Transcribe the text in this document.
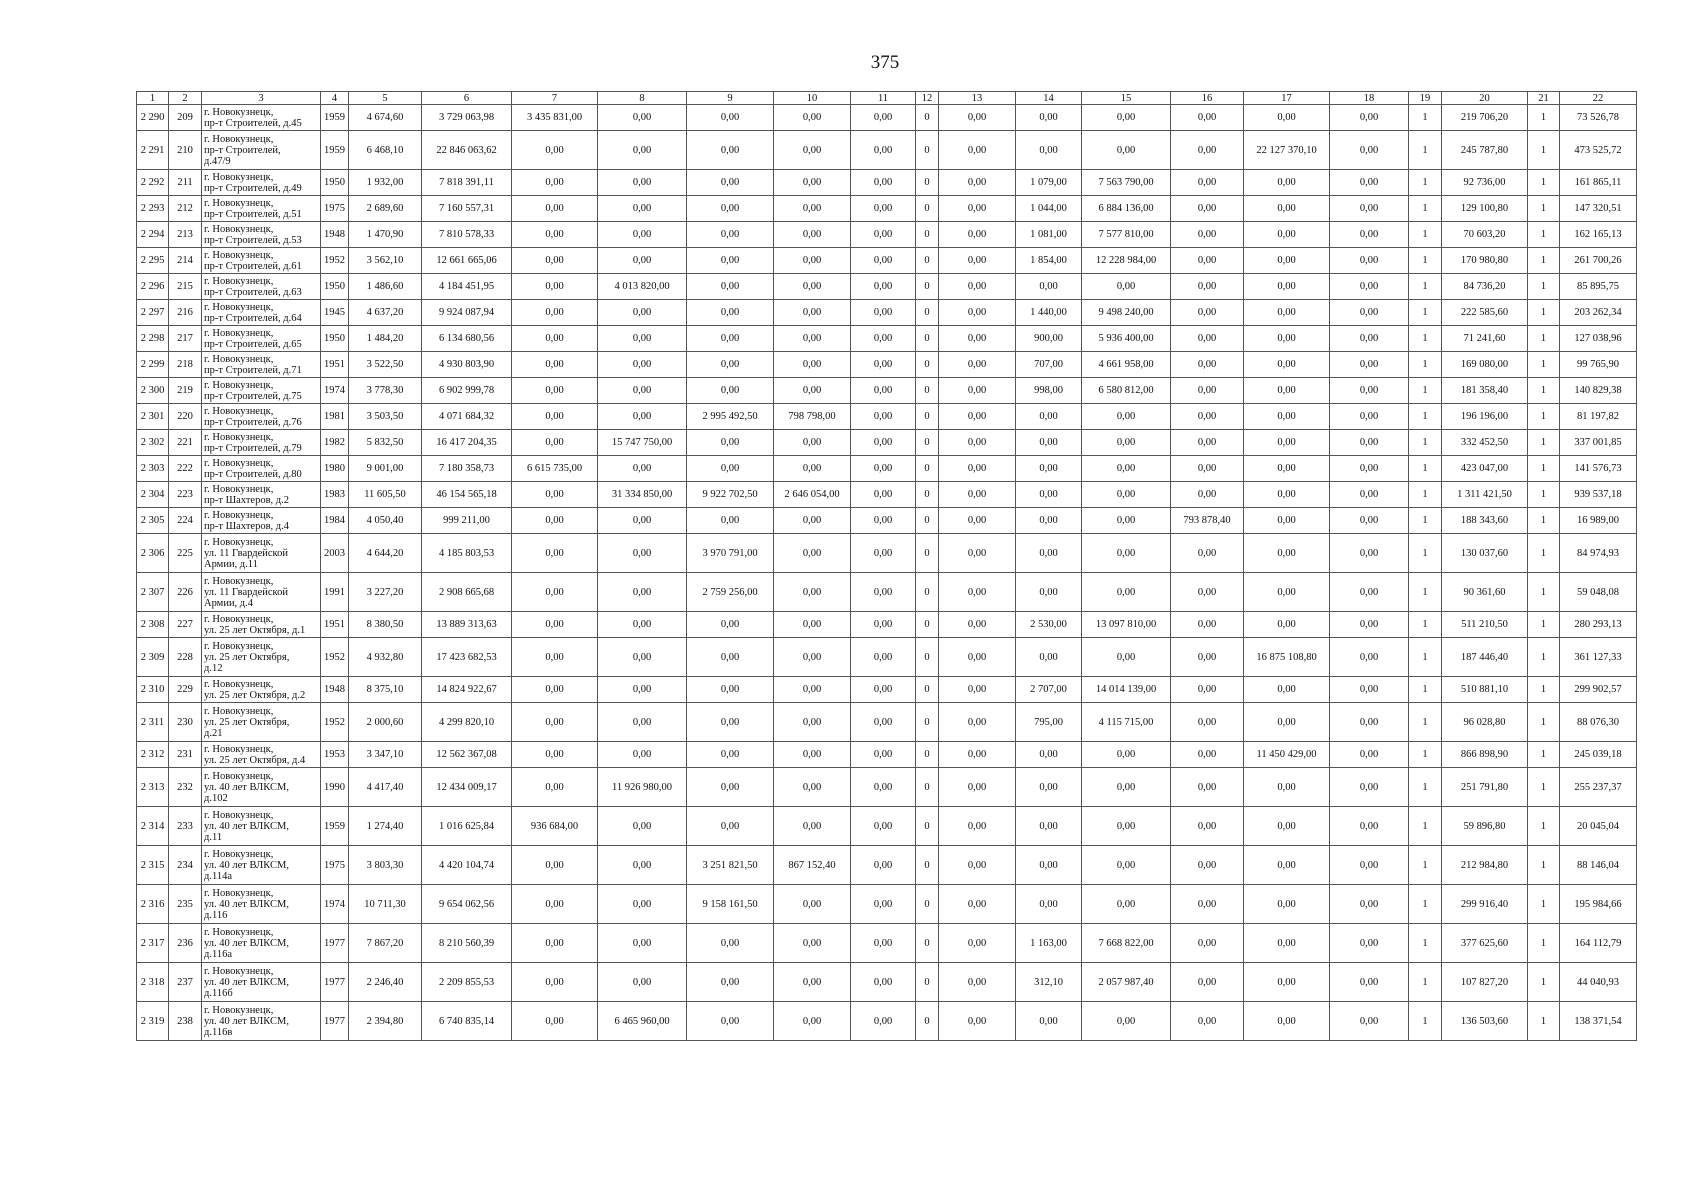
375
1	2	3	4	5	6	7	8	9	10	11	12	13	14	15	16	17	18	19	20	21	22
2 290	209	г. Новокузнецк,
пр-т Строителей, д.45	1959	4 674,60	3 729 063,98	3 435 831,00	0,00	0,00	0,00	0,00	0	0,00	0,00	0,00	0,00	0,00	0,00	1	219 706,20	1	73 526,78
2 291	210	г. Новокузнецк,
пр-т Строителей,
д.47/9	1959	6 468,10	22 846 063,62	0,00	0,00	0,00	0,00	0,00	0	0,00	0,00	0,00	0,00	22 127 370,10	0,00	1	245 787,80	1	473 525,72
2 292	211	г. Новокузнецк,
пр-т Строителей, д.49	1950	1 932,00	7 818 391,11	0,00	0,00	0,00	0,00	0,00	0	0,00	1 079,00	7 563 790,00	0,00	0,00	0,00	1	92 736,00	1	161 865,11
2 293	212	г. Новокузнецк,
пр-т Строителей, д.51	1975	2 689,60	7 160 557,31	0,00	0,00	0,00	0,00	0,00	0	0,00	1 044,00	6 884 136,00	0,00	0,00	0,00	1	129 100,80	1	147 320,51
2 294	213	г. Новокузнецк,
пр-т Строителей, д.53	1948	1 470,90	7 810 578,33	0,00	0,00	0,00	0,00	0,00	0	0,00	1 081,00	7 577 810,00	0,00	0,00	0,00	1	70 603,20	1	162 165,13
2 295	214	г. Новокузнецк,
пр-т Строителей, д.61	1952	3 562,10	12 661 665,06	0,00	0,00	0,00	0,00	0,00	0	0,00	1 854,00	12 228 984,00	0,00	0,00	0,00	1	170 980,80	1	261 700,26
2 296	215	г. Новокузнецк,
пр-т Строителей, д.63	1950	1 486,60	4 184 451,95	0,00	4 013 820,00	0,00	0,00	0,00	0	0,00	0,00	0,00	0,00	0,00	0,00	1	84 736,20	1	85 895,75
2 297	216	г. Новокузнецк,
пр-т Строителей, д.64	1945	4 637,20	9 924 087,94	0,00	0,00	0,00	0,00	0,00	0	0,00	1 440,00	9 498 240,00	0,00	0,00	0,00	1	222 585,60	1	203 262,34
2 298	217	г. Новокузнецк,
пр-т Строителей, д.65	1950	1 484,20	6 134 680,56	0,00	0,00	0,00	0,00	0,00	0	0,00	900,00	5 936 400,00	0,00	0,00	0,00	1	71 241,60	1	127 038,96
2 299	218	г. Новокузнецк,
пр-т Строителей, д.71	1951	3 522,50	4 930 803,90	0,00	0,00	0,00	0,00	0,00	0	0,00	707,00	4 661 958,00	0,00	0,00	0,00	1	169 080,00	1	99 765,90
2 300	219	г. Новокузнецк,
пр-т Строителей, д.75	1974	3 778,30	6 902 999,78	0,00	0,00	0,00	0,00	0,00	0	0,00	998,00	6 580 812,00	0,00	0,00	0,00	1	181 358,40	1	140 829,38
2 301	220	г. Новокузнецк,
пр-т Строителей, д.76	1981	3 503,50	4 071 684,32	0,00	0,00	2 995 492,50	798 798,00	0,00	0	0,00	0,00	0,00	0,00	0,00	0,00	1	196 196,00	1	81 197,82
2 302	221	г. Новокузнецк,
пр-т Строителей, д.79	1982	5 832,50	16 417 204,35	0,00	15 747 750,00	0,00	0,00	0,00	0	0,00	0,00	0,00	0,00	0,00	0,00	1	332 452,50	1	337 001,85
2 303	222	г. Новокузнецк,
пр-т Строителей, д.80	1980	9 001,00	7 180 358,73	6 615 735,00	0,00	0,00	0,00	0,00	0	0,00	0,00	0,00	0,00	0,00	0,00	1	423 047,00	1	141 576,73
2 304	223	г. Новокузнецк,
пр-т Шахтеров, д.2	1983	11 605,50	46 154 565,18	0,00	31 334 850,00	9 922 702,50	2 646 054,00	0,00	0	0,00	0,00	0,00	0,00	0,00	0,00	1	1 311 421,50	1	939 537,18
2 305	224	г. Новокузнецк,
пр-т Шахтеров, д.4	1984	4 050,40	999 211,00	0,00	0,00	0,00	0,00	0,00	0	0,00	0,00	0,00	793 878,40	0,00	0,00	1	188 343,60	1	16 989,00
2 306	225	г. Новокузнецк,
ул. 11 Гвардейской
Армии, д.11	2003	4 644,20	4 185 803,53	0,00	0,00	3 970 791,00	0,00	0,00	0	0,00	0,00	0,00	0,00	0,00	0,00	1	130 037,60	1	84 974,93
2 307	226	г. Новокузнецк,
ул. 11 Гвардейской
Армии, д.4	1991	3 227,20	2 908 665,68	0,00	0,00	2 759 256,00	0,00	0,00	0	0,00	0,00	0,00	0,00	0,00	0,00	1	90 361,60	1	59 048,08
2 308	227	г. Новокузнецк,
ул. 25 лет Октября, д.1	1951	8 380,50	13 889 313,63	0,00	0,00	0,00	0,00	0,00	0	0,00	2 530,00	13 097 810,00	0,00	0,00	0,00	1	511 210,50	1	280 293,13
2 309	228	г. Новокузнецк,
ул. 25 лет Октября,
д.12	1952	4 932,80	17 423 682,53	0,00	0,00	0,00	0,00	0,00	0	0,00	0,00	0,00	0,00	16 875 108,80	0,00	1	187 446,40	1	361 127,33
2 310	229	г. Новокузнецк,
ул. 25 лет Октября, д.2	1948	8 375,10	14 824 922,67	0,00	0,00	0,00	0,00	0,00	0	0,00	2 707,00	14 014 139,00	0,00	0,00	0,00	1	510 881,10	1	299 902,57
2 311	230	г. Новокузнецк,
ул. 25 лет Октября,
д.21	1952	2 000,60	4 299 820,10	0,00	0,00	0,00	0,00	0,00	0	0,00	795,00	4 115 715,00	0,00	0,00	0,00	1	96 028,80	1	88 076,30
2 312	231	г. Новокузнецк,
ул. 25 лет Октября, д.4	1953	3 347,10	12 562 367,08	0,00	0,00	0,00	0,00	0,00	0	0,00	0,00	0,00	0,00	11 450 429,00	0,00	1	866 898,90	1	245 039,18
2 313	232	г. Новокузнецк,
ул. 40 лет ВЛКСМ,
д.102	1990	4 417,40	12 434 009,17	0,00	11 926 980,00	0,00	0,00	0,00	0	0,00	0,00	0,00	0,00	0,00	0,00	1	251 791,80	1	255 237,37
2 314	233	г. Новокузнецк,
ул. 40 лет ВЛКСМ,
д.11	1959	1 274,40	1 016 625,84	936 684,00	0,00	0,00	0,00	0,00	0	0,00	0,00	0,00	0,00	0,00	0,00	1	59 896,80	1	20 045,04
2 315	234	г. Новокузнецк,
ул. 40 лет ВЛКСМ,
д.114а	1975	3 803,30	4 420 104,74	0,00	0,00	3 251 821,50	867 152,40	0,00	0	0,00	0,00	0,00	0,00	0,00	0,00	1	212 984,80	1	88 146,04
2 316	235	г. Новокузнецк,
ул. 40 лет ВЛКСМ,
д.116	1974	10 711,30	9 654 062,56	0,00	0,00	9 158 161,50	0,00	0,00	0	0,00	0,00	0,00	0,00	0,00	0,00	1	299 916,40	1	195 984,66
2 317	236	г. Новокузнецк,
ул. 40 лет ВЛКСМ,
д.116а	1977	7 867,20	8 210 560,39	0,00	0,00	0,00	0,00	0,00	0	0,00	1 163,00	7 668 822,00	0,00	0,00	0,00	1	377 625,60	1	164 112,79
2 318	237	г. Новокузнецк,
ул. 40 лет ВЛКСМ,
д.116б	1977	2 246,40	2 209 855,53	0,00	0,00	0,00	0,00	0,00	0	0,00	312,10	2 057 987,40	0,00	0,00	0,00	1	107 827,20	1	44 040,93
2 319	238	г. Новокузнецк,
ул. 40 лет ВЛКСМ,
д.116в	1977	2 394,80	6 740 835,14	0,00	6 465 960,00	0,00	0,00	0,00	0	0,00	0,00	0,00	0,00	0,00	0,00	1	136 503,60	1	138 371,54
